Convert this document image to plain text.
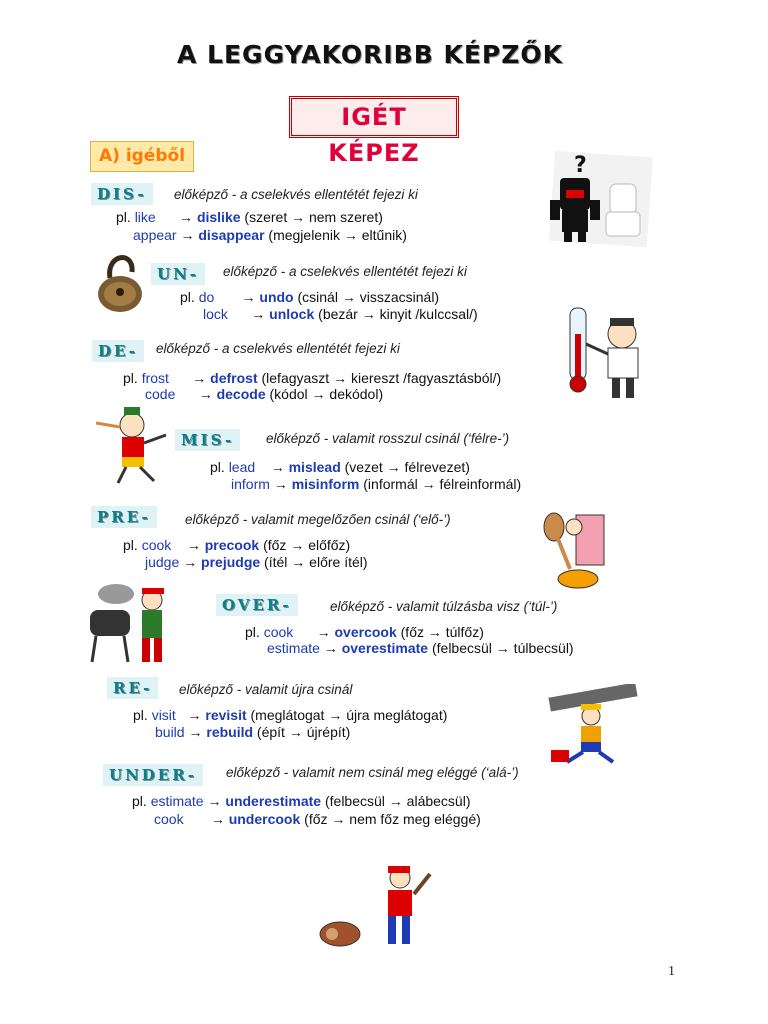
A LEGGYAKORIBB KÉPZŐK
IGÉT KÉPEZ
A) igéből
DIS-	előképző - a cselekvés ellentétét fejezi ki
pl. like → dislike (szeret → nem szeret)
appear → disappear (megjelenik → eltűnik)
UN-	előképző - a cselekvés ellentétét fejezi ki
pl. do → undo (csinál → visszacsinál)
lock → unlock (bezár → kinyit /kulccsal/)
DE-	előképző - a cselekvés ellentétét fejezi ki
pl. frost → defrost (lefagyaszt → kiereszt /fagyasztásból/)
code → decode (kódol → dekódol)
MIS-	előképző - valamit rosszul csinál (‘félre-’)
pl. lead → mislead (vezet → félrevezet)
inform → misinform (informál → félreinformál)
PRE-	előképző - valamit megelőzően csinál (‘elő-’)
pl. cook → precook (főz → előfőz)
judge → prejudge (ítél → előre ítél)
OVER-	előképző - valamit túlzásba visz (‘túl-’)
pl. cook → overcook (főz → túlfőz)
estimate → overestimate (felbecsül → túlbecsül)
RE-	előképző - valamit újra csinál
pl. visit → revisit (meglátogat → újra meglátogat)
build → rebuild (épít → újrépít)
UNDER-	előképző - valamit nem csinál meg eléggé (‘alá-’)
pl. estimate → underestimate (felbecsül → alábecsül)
cook → undercook (főz → nem főz meg eléggé)
?
1
